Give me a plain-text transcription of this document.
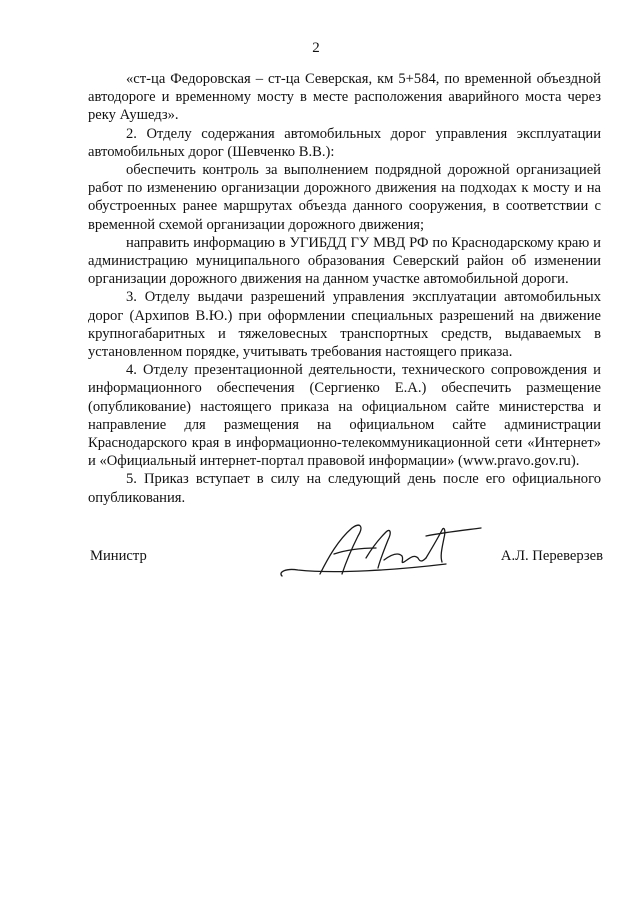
2

«ст-ца Федоровская – ст-ца Северская, км 5+584, по временной объездной автодороге и временному мосту в месте расположения аварийного моста через реку Аушедз».

2. Отделу содержания автомобильных дорог управления эксплуатации автомобильных дорог (Шевченко В.В.):

обеспечить контроль за выполнением подрядной дорожной организацией работ по изменению организации дорожного движения на подходах к мосту и на обустроенных ранее маршрутах объезда данного сооружения, в соответствии с временной схемой организации дорожного движения;

направить информацию в УГИБДД ГУ МВД РФ по Краснодарскому краю и администрацию муниципального образования Северский район об изменении организации дорожного движения на данном участке автомобильной дороги.

3. Отделу выдачи разрешений управления эксплуатации автомобильных дорог (Архипов В.Ю.) при оформлении специальных разрешений на движение крупногабаритных и тяжеловесных транспортных средств, выдаваемых в установленном порядке, учитывать требования настоящего приказа.

4. Отделу презентационной деятельности, технического сопровождения и информационного обеспечения (Сергиенко Е.А.) обеспечить размещение (опубликование) настоящего приказа на официальном сайте министерства и направление для размещения на официальном сайте администрации Краснодарского края в информационно-телекоммуникационной сети «Интернет» и «Официальный интернет-портал правовой информации» (www.pravo.gov.ru).

5. Приказ вступает в силу на следующий день после его официального опубликования.

Министр	А.Л. Переверзев
